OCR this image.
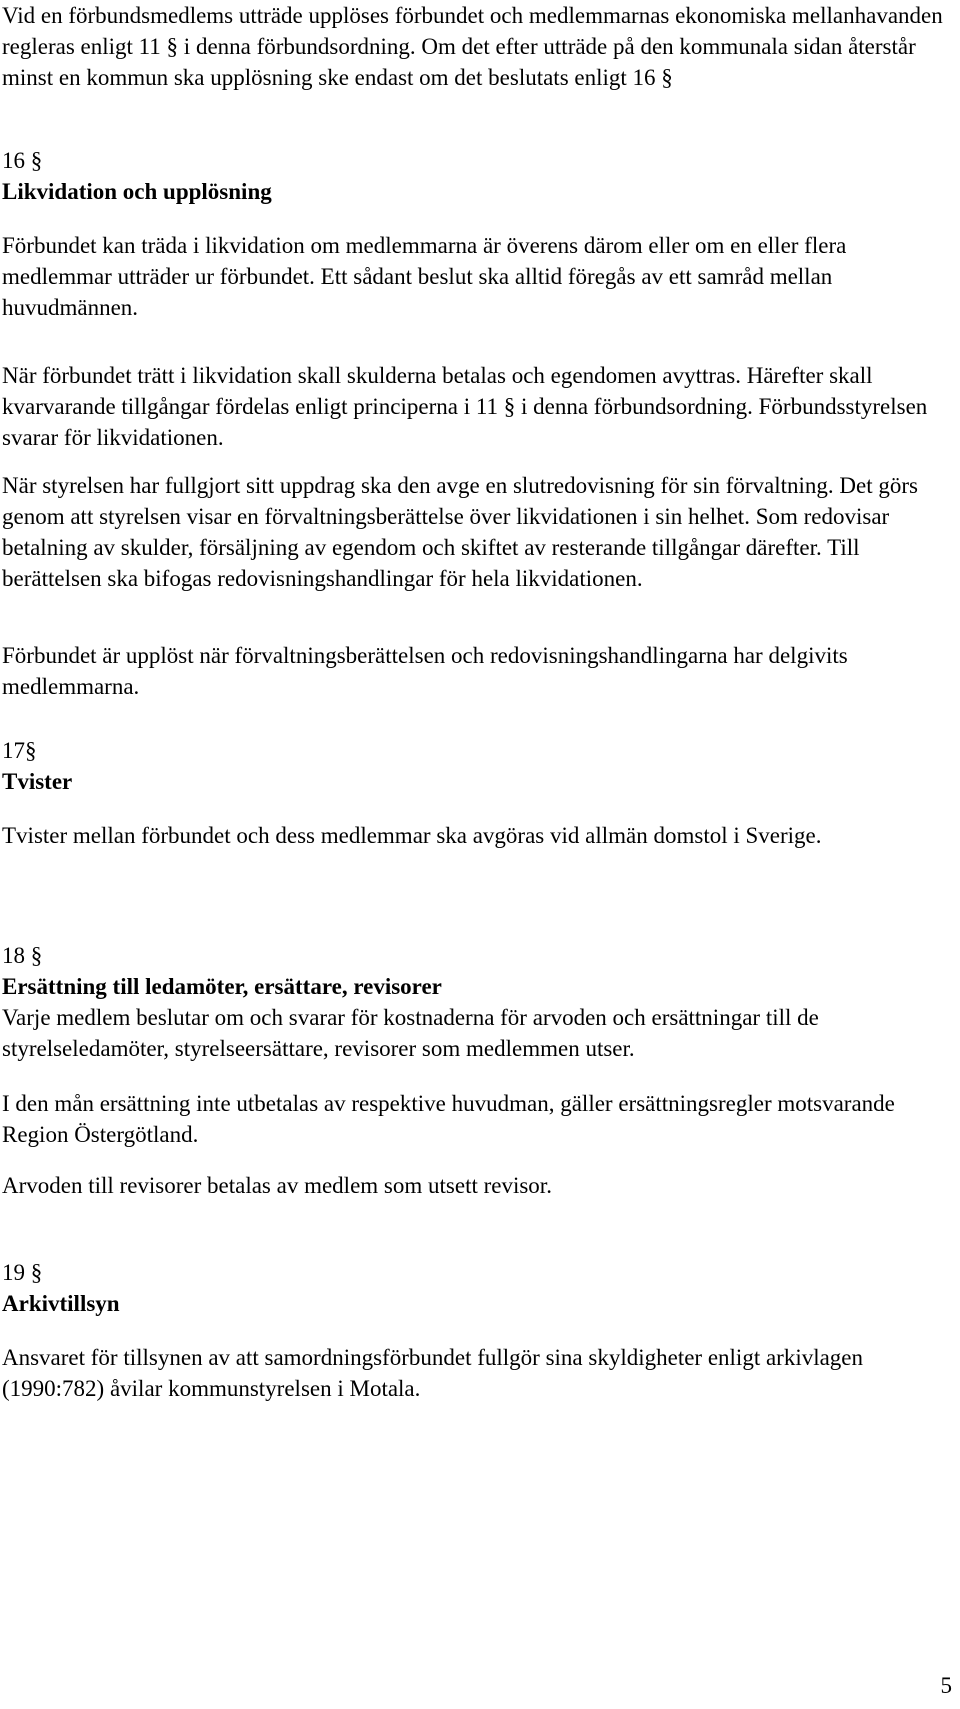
Vid en förbundsmedlems utträde upplöses förbundet och medlemmarnas ekonomiska mellanhavanden regleras enligt 11 § i denna förbundsordning. Om det efter utträde på den kommunala sidan återstår minst en kommun ska upplösning ske endast om det beslutats enligt 16 §

16 §

Likvidation och upplösning

Förbundet kan träda i likvidation om medlemmarna är överens därom eller om en eller flera medlemmar utträder ur förbundet. Ett sådant beslut ska alltid föregås av ett samråd mellan huvudmännen.

När förbundet trätt i likvidation skall skulderna betalas och egendomen avyttras. Härefter skall kvarvarande tillgångar fördelas enligt principerna i 11 § i denna förbundsordning. Förbundsstyrelsen svarar för likvidationen.

När styrelsen har fullgjort sitt uppdrag ska den avge en slutredovisning för sin förvaltning. Det görs genom att styrelsen visar en förvaltningsberättelse över likvidationen i sin helhet. Som redovisar betalning av skulder, försäljning av egendom och skiftet av resterande tillgångar därefter. Till berättelsen ska bifogas redovisningshandlingar för hela likvidationen.

Förbundet är upplöst när förvaltningsberättelsen och redovisningshandlingarna har delgivits medlemmarna.

17§

Tvister

Tvister mellan förbundet och dess medlemmar ska avgöras vid allmän domstol i Sverige.

18 §

Ersättning till ledamöter, ersättare, revisorer

Varje medlem beslutar om och svarar för kostnaderna för arvoden och ersättningar till de styrelseledamöter, styrelseersättare, revisorer som medlemmen utser.

I den mån ersättning inte utbetalas av respektive huvudman, gäller ersättningsregler motsvarande Region Östergötland.

Arvoden till revisorer betalas av medlem som utsett revisor.

19 §

Arkivtillsyn

Ansvaret för tillsynen av att samordningsförbundet fullgör sina skyldigheter enligt arkivlagen (1990:782) åvilar kommunstyrelsen i Motala.

5
